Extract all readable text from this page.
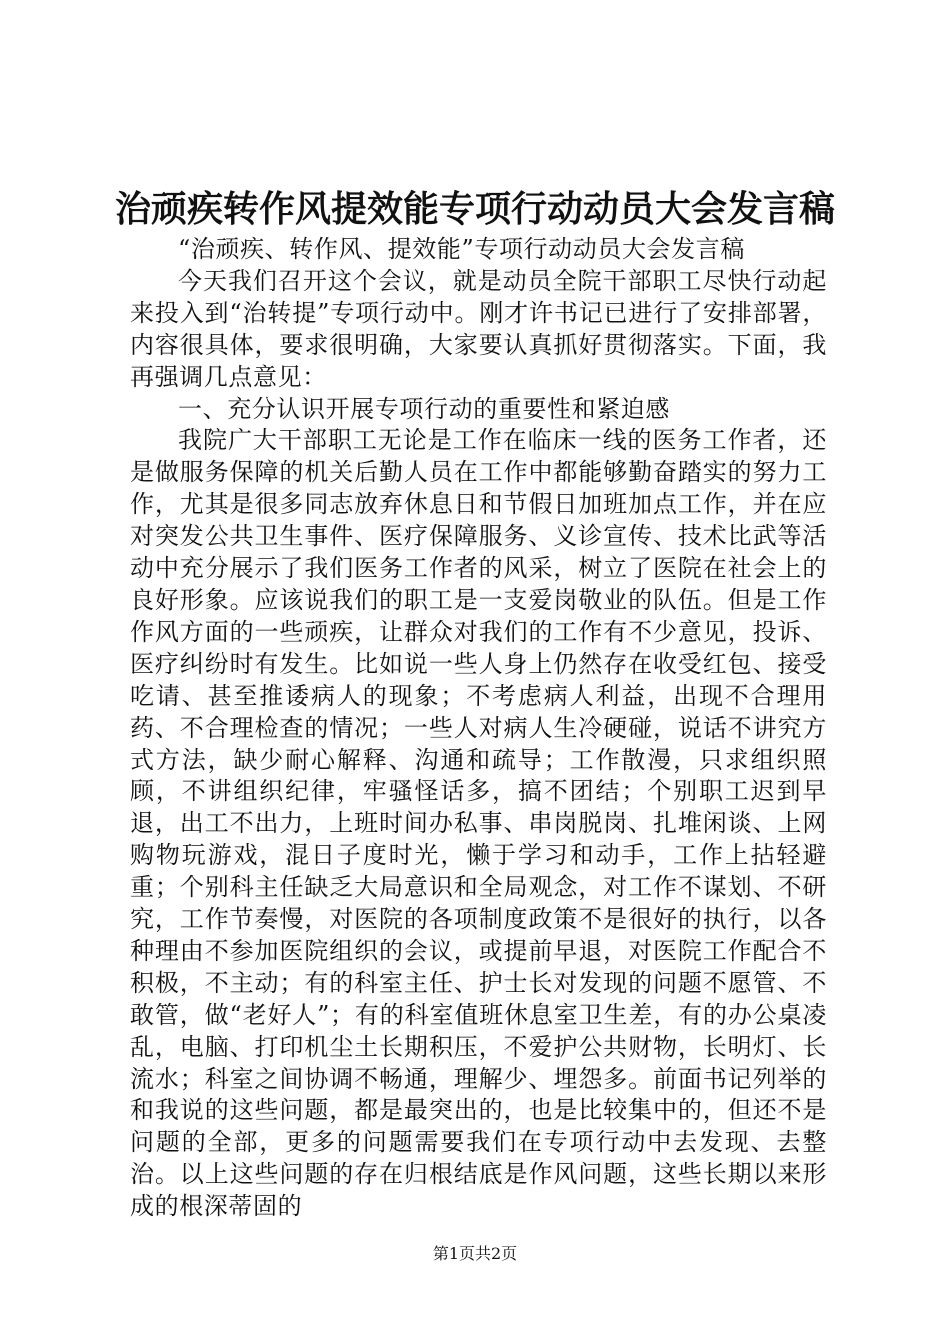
治顽疾转作风提效能专项行动动员大会发言稿

“治顽疾、转作风、提效能”专项行动动员大会发言稿

今天我们召开这个会议，就是动员全院干部职工尽快行动起来投入到“治转提”专项行动中。刚才许书记已进行了安排部署，内容很具体，要求很明确，大家要认真抓好贯彻落实。下面，我再强调几点意见：

一、充分认识开展专项行动的重要性和紧迫感

我院广大干部职工无论是工作在临床一线的医务工作者，还是做服务保障的机关后勤人员在工作中都能够勤奋踏实的努力工作，尤其是很多同志放弃休息日和节假日加班加点工作，并在应对突发公共卫生事件、医疗保障服务、义诊宣传、技术比武等活动中充分展示了我们医务工作者的风采，树立了医院在社会上的良好形象。应该说我们的职工是一支爱岗敬业的队伍。但是工作作风方面的一些顽疾，让群众对我们的工作有不少意见，投诉、医疗纠纷时有发生。比如说一些人身上仍然存在收受红包、接受吃请、甚至推诿病人的现象；不考虑病人利益，出现不合理用药、不合理检查的情况；一些人对病人生冷硬碰，说话不讲究方式方法，缺少耐心解释、沟通和疏导；工作散漫，只求组织照顾，不讲组织纪律，牢骚怪话多，搞不团结；个别职工迟到早退，出工不出力，上班时间办私事、串岗脱岗、扎堆闲谈、上网购物玩游戏，混日子度时光，懒于学习和动手，工作上拈轻避重；个别科主任缺乏大局意识和全局观念，对工作不谋划、不研究，工作节奏慢，对医院的各项制度政策不是很好的执行，以各种理由不参加医院组织的会议，或提前早退，对医院工作配合不积极，不主动；有的科室主任、护士长对发现的问题不愿管、不敢管，做“老好人”；有的科室值班休息室卫生差，有的办公桌凌乱，电脑、打印机尘土长期积压，不爱护公共财物，长明灯、长流水；科室之间协调不畅通，理解少、埋怨多。前面书记列举的和我说的这些问题，都是最突出的，也是比较集中的，但还不是问题的全部，更多的问题需要我们在专项行动中去发现、去整治。以上这些问题的存在归根结底是作风问题，这些长期以来形成的根深蒂固的

第1页共2页
